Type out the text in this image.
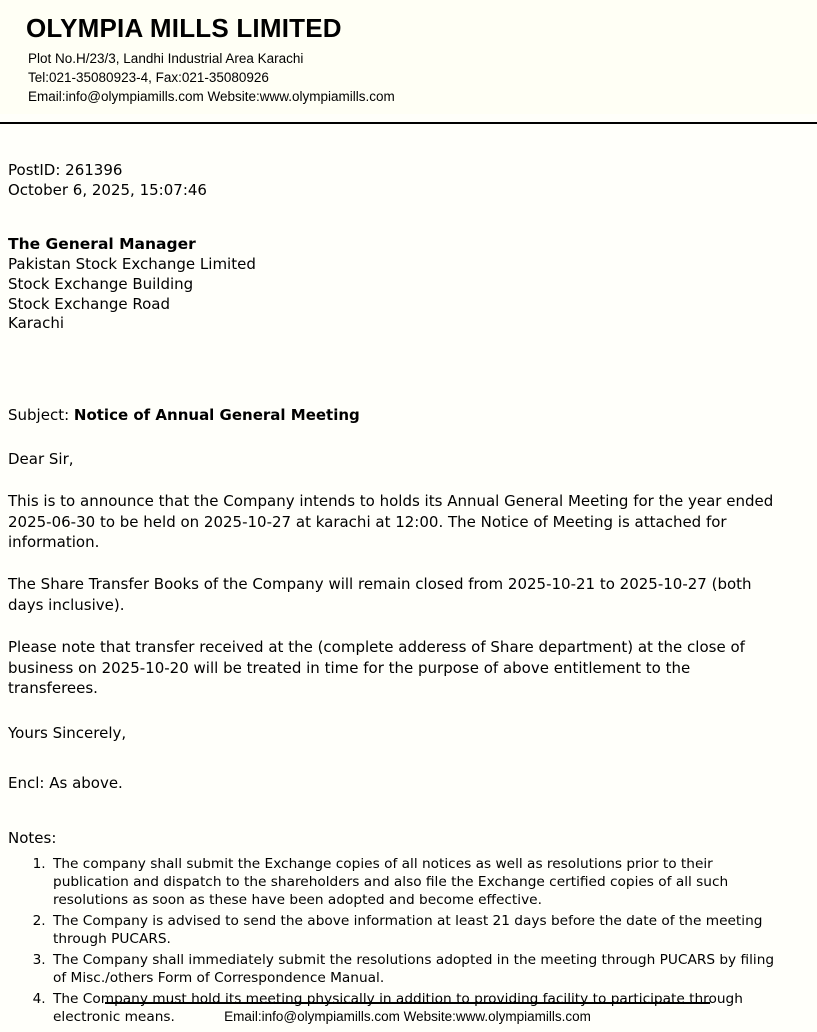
OLYMPIA MILLS LIMITED
Plot No.H/23/3, Landhi Industrial Area Karachi
Tel:021-35080923-4, Fax:021-35080926
Email:info@olympiamills.com Website:www.olympiamills.com
PostID: 261396
October 6, 2025, 15:07:46
The General Manager
Pakistan Stock Exchange Limited
Stock Exchange Building
Stock Exchange Road
Karachi
Subject: Notice of Annual General Meeting
Dear Sir,

This is to announce that the Company intends to holds its Annual General Meeting for the year ended 2025-06-30 to be held on 2025-10-27 at karachi at 12:00. The Notice of Meeting is attached for information.

The Share Transfer Books of the Company will remain closed from 2025-10-21 to 2025-10-27 (both days inclusive).

Please note that transfer received at the (complete adderess of Share department) at the close of business on 2025-10-20 will be treated in time for the purpose of above entitlement to the transferees.

Yours Sincerely,
Encl: As above.
Notes:
1. The company shall submit the Exchange copies of all notices as well as resolutions prior to their publication and dispatch to the shareholders and also file the Exchange certified copies of all such resolutions as soon as these have been adopted and become effective.
2. The Company is advised to send the above information at least 21 days before the date of the meeting through PUCARS.
3. The Company shall immediately submit the resolutions adopted in the meeting through PUCARS by filing of Misc./others Form of Correspondence Manual.
4. The Company must hold its meeting physically in addition to providing facility to participate through electronic means.	Email:info@olympiamills.com Website:www.olympiamills.com
